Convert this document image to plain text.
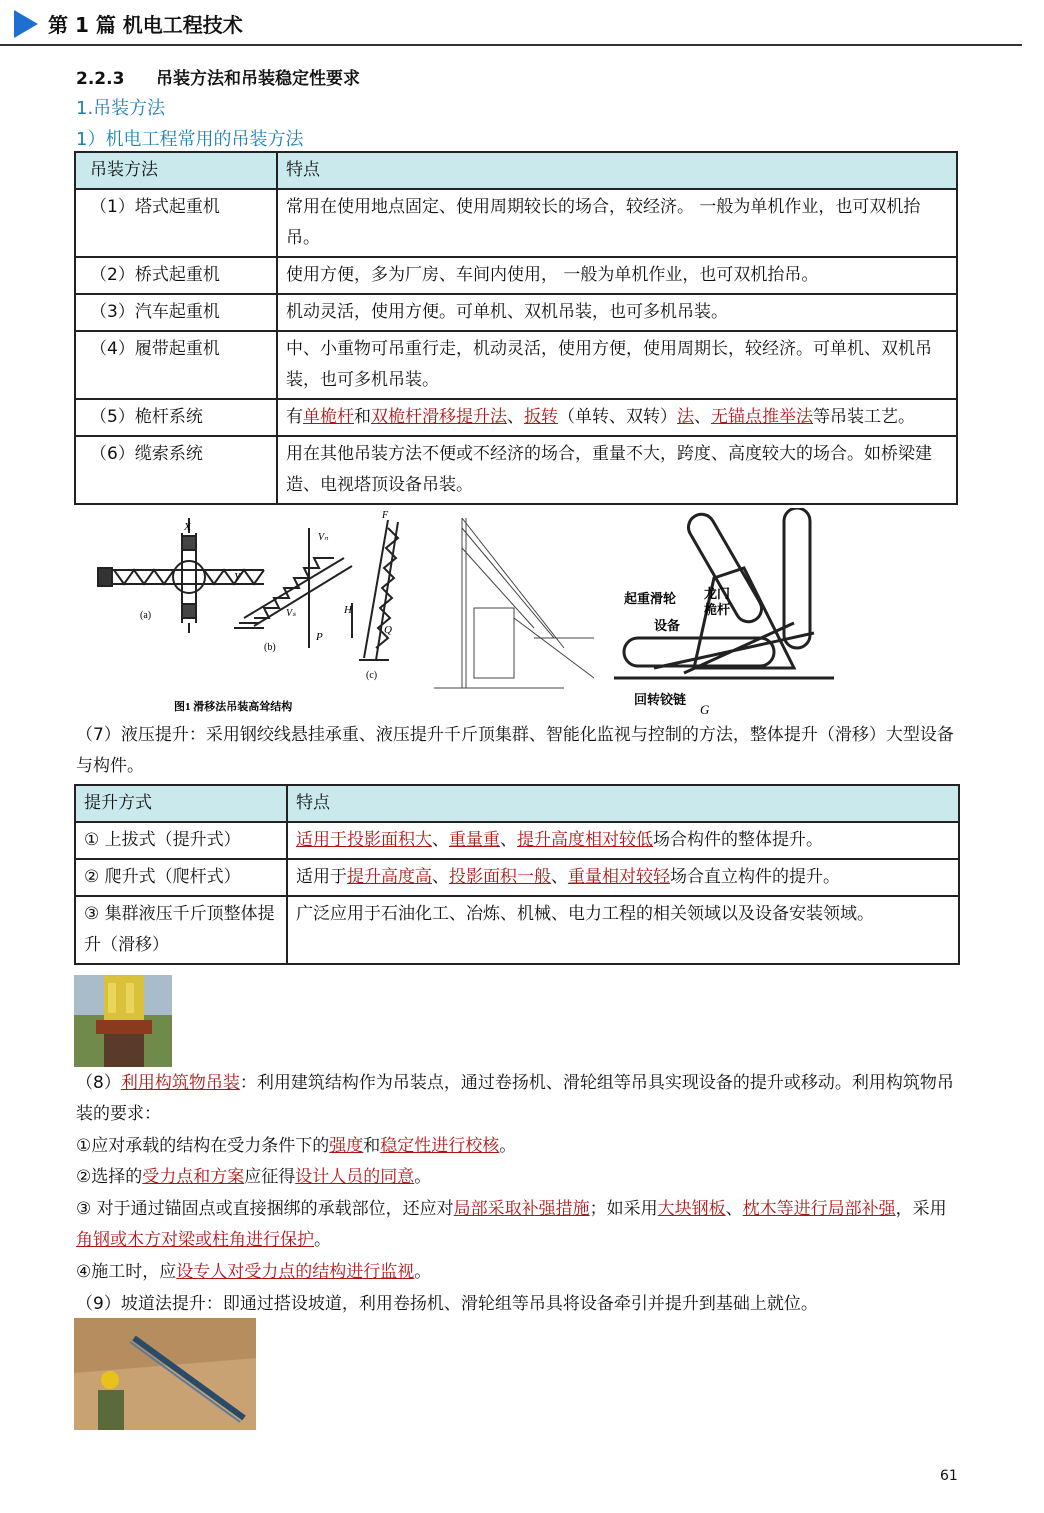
第 1 篇 机电工程技术
2.2.3 吊装方法和吊装稳定性要求
1.吊装方法
1）机电工程常用的吊装方法
吊装方法	特点
（1）塔式起重机	常用在使用地点固定、使用周期较长的场合，较经济。 一般为单机作业，也可双机抬吊。
（2）桥式起重机	使用方便，多为厂房、车间内使用， 一般为单机作业，也可双机抬吊。
（3）汽车起重机	机动灵活，使用方便。可单机、双机吊装，也可多机吊装。
（4）履带起重机	中、小重物可吊重行走，机动灵活，使用方便，使用周期长，较经济。可单机、双机吊装，也可多机吊装。
（5）桅杆系统	有单桅杆和双桅杆滑移提升法、扳转（单转、双转）法、无锚点推举法等吊装工艺。
（6）缆索系统	用在其他吊装方法不便或不经济的场合，重量不大，跨度、高度较大的场合。如桥梁建造、电视塔顶设备吊装。
X
Y
(a)
Vₙ
Vₛ
P
(b)
F
H
Q
(c)
图1 滑移法吊装高耸结构
起重滑轮 龙门
桅杆
设备
回转铰链
G
（7）液压提升：采用钢绞线悬挂承重、液压提升千斤顶集群、智能化监视与控制的方法，整体提升（滑移）大型设备与构件。
提升方式	特点
① 上拔式（提升式）	适用于投影面积大、重量重、提升高度相对较低场合构件的整体提升。
② 爬升式（爬杆式）	适用于提升高度高、投影面积一般、重量相对较轻场合直立构件的提升。
③ 集群液压千斤顶整体提升（滑移）	广泛应用于石油化工、冶炼、机械、电力工程的相关领域以及设备安装领域。
（8）利用构筑物吊装：利用建筑结构作为吊装点，通过卷扬机、滑轮组等吊具实现设备的提升或移动。利用构筑物吊装的要求：
①应对承载的结构在受力条件下的强度和稳定性进行校核。
②选择的受力点和方案应征得设计人员的同意。
③ 对于通过锚固点或直接捆绑的承载部位，还应对局部采取补强措施；如采用大块钢板、枕木等进行局部补强，采用角钢或木方对梁或柱角进行保护。
④施工时，应设专人对受力点的结构进行监视。
（9）坡道法提升：即通过搭设坡道，利用卷扬机、滑轮组等吊具将设备牵引并提升到基础上就位。
61
